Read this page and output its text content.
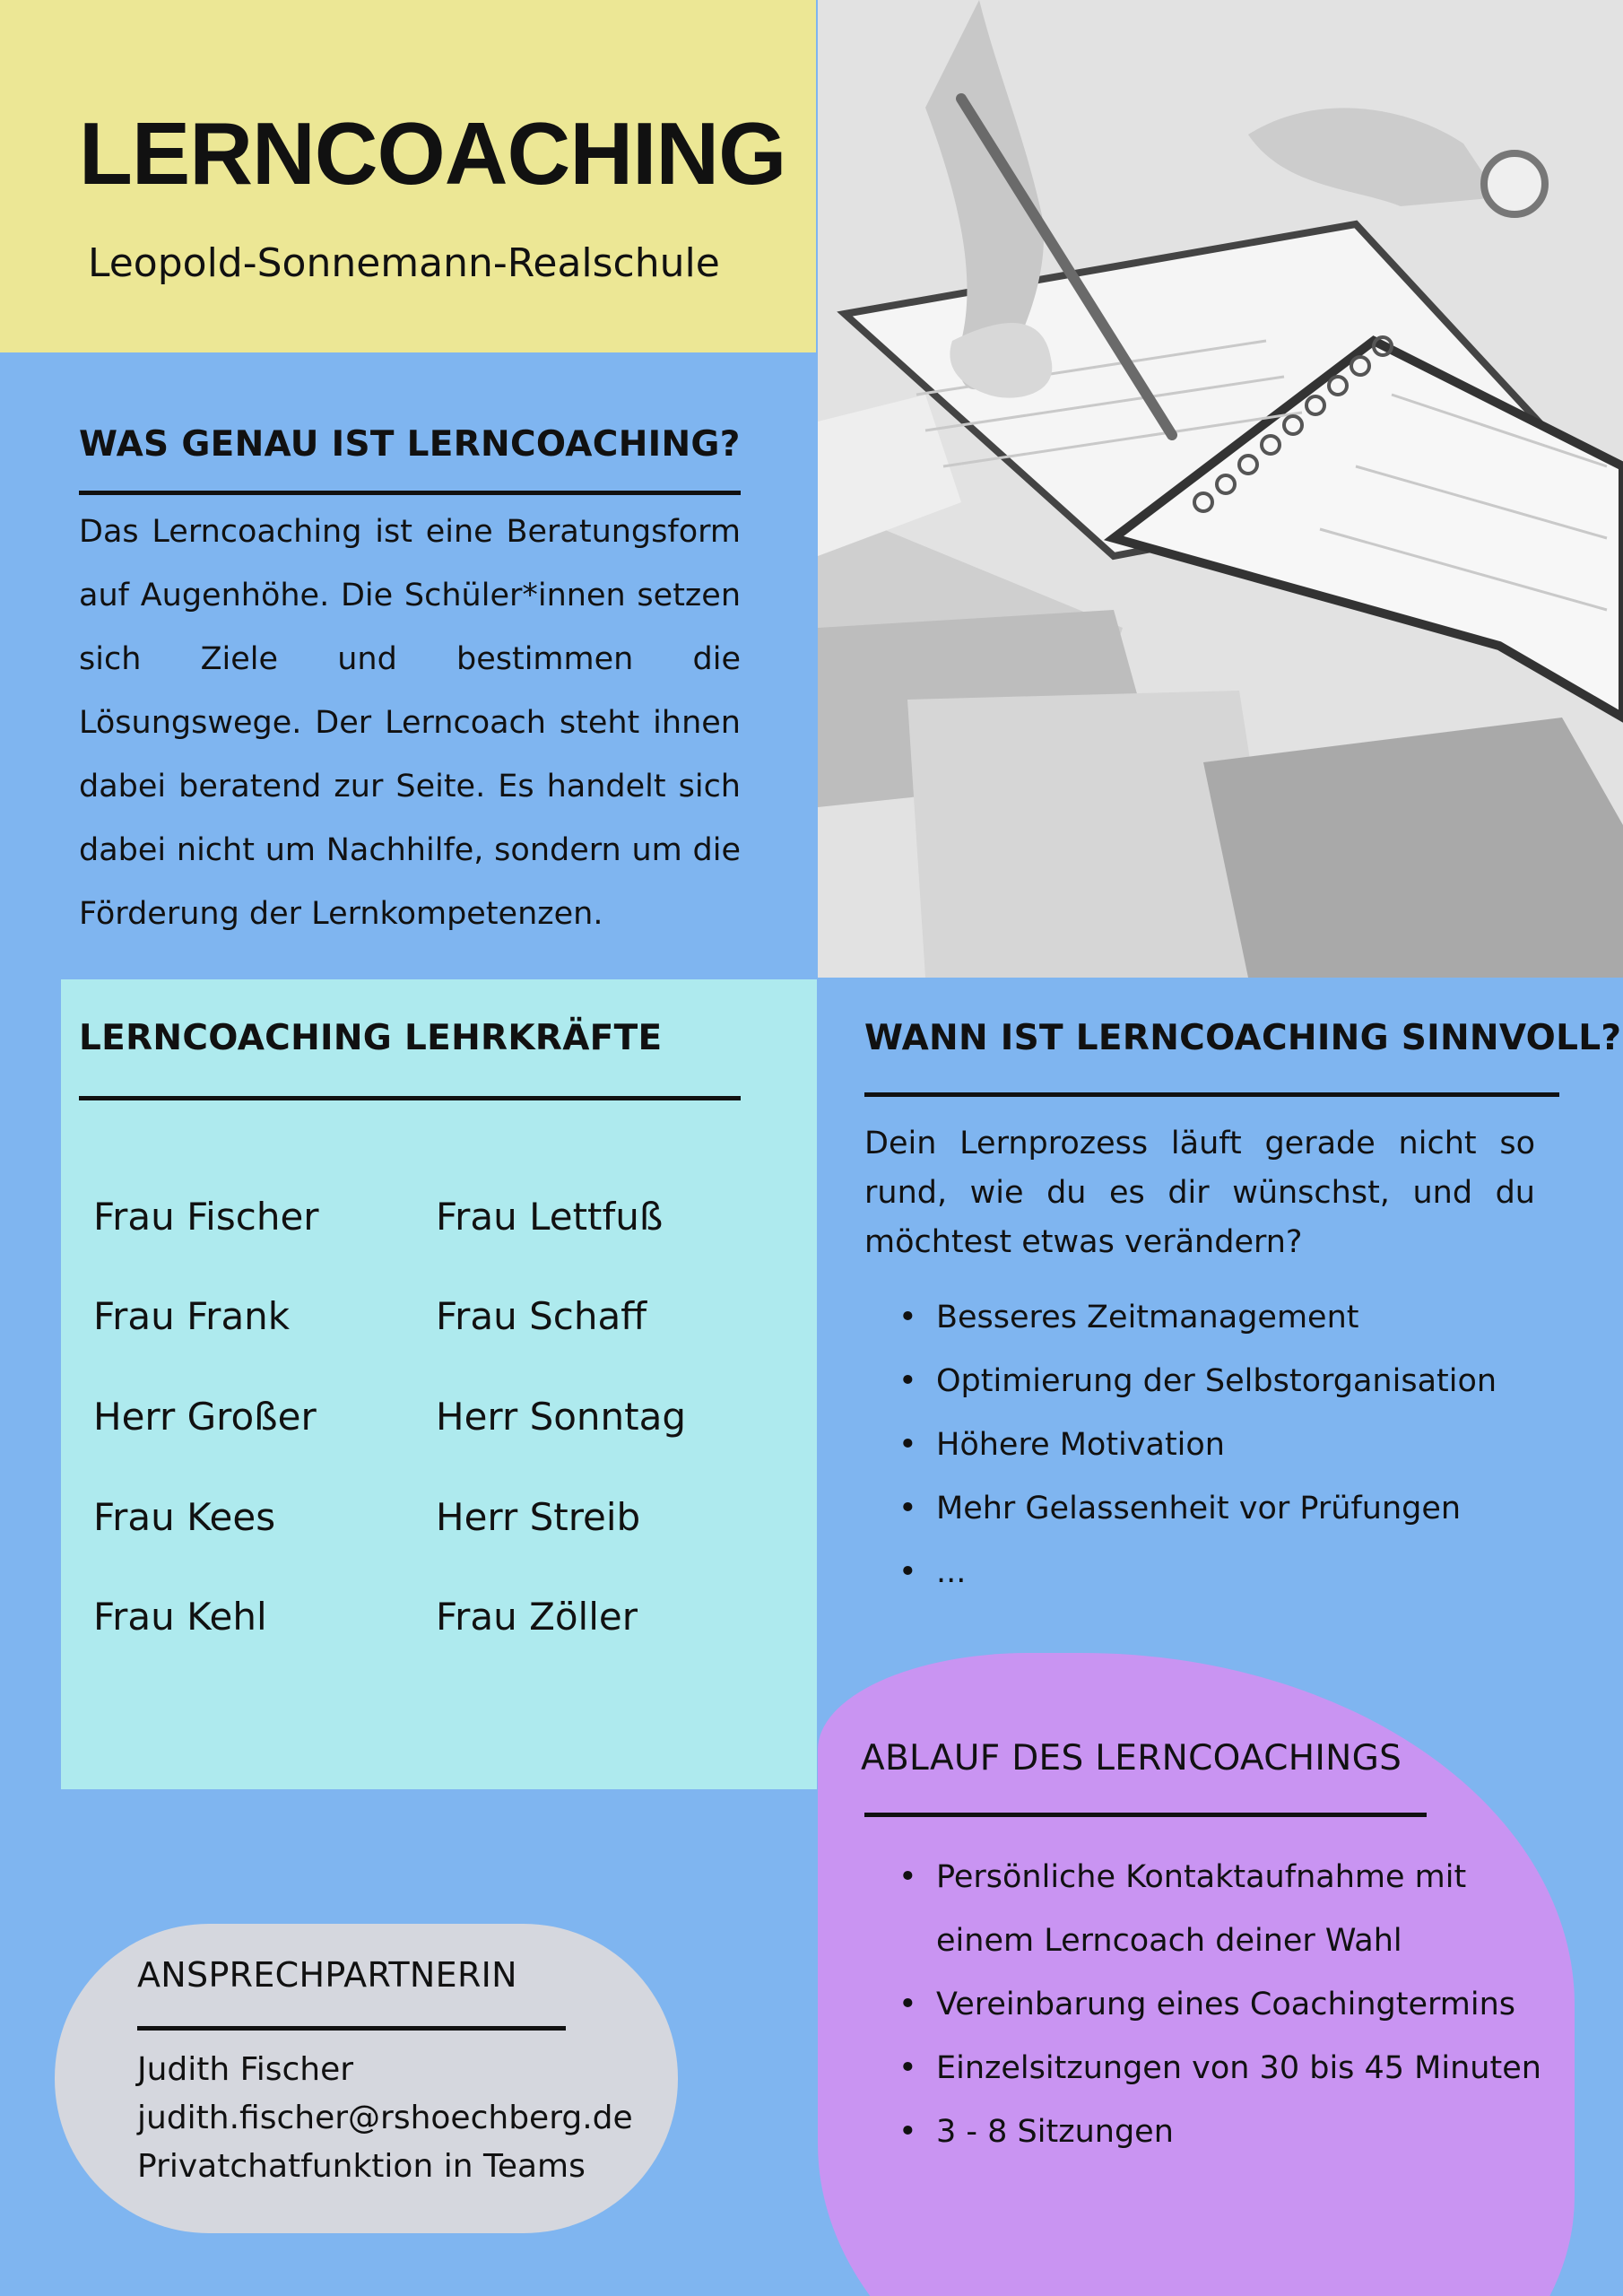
LERNCOACHING
Leopold-Sonnemann-Realschule
WAS GENAU IST LERNCOACHING?
Das Lerncoaching ist eine Beratungsform
auf Augenhöhe. Die Schüler*innen setzen
sich Ziele und bestimmen die
Lösungswege. Der Lerncoach steht ihnen
dabei beratend zur Seite. Es handelt sich
dabei nicht um Nachhilfe, sondern um die
Förderung der Lernkompetenzen.
LERNCOACHING LEHRKRÄFTE
Frau Fischer
Frau Frank
Herr Großer
Frau Kees
Frau Kehl
Frau Lettfuß
Frau Schaff
Herr Sonntag
Herr Streib
Frau Zöller
WANN IST LERNCOACHING SINNVOLL?

Dein Lernprozess läuft gerade nicht so rund, wie du es dir wünschst, und du möchtest etwas verändern?

• Besseres Zeitmanagement
• Optimierung der Selbstorganisation
• Höhere Motivation
• Mehr Gelassenheit vor Prüfungen
• ...
ABLAUF DES LERNCOACHINGS
• Persönliche Kontaktaufnahme mit einem Lerncoach deiner Wahl
• Vereinbarung eines Coachingtermins
• Einzelsitzungen von 30 bis 45 Minuten
• 3 - 8 Sitzungen
ANSPRECHPARTNERIN
Judith Fischer
judith.fischer@rshoechberg.de
Privatchatfunktion in Teams
